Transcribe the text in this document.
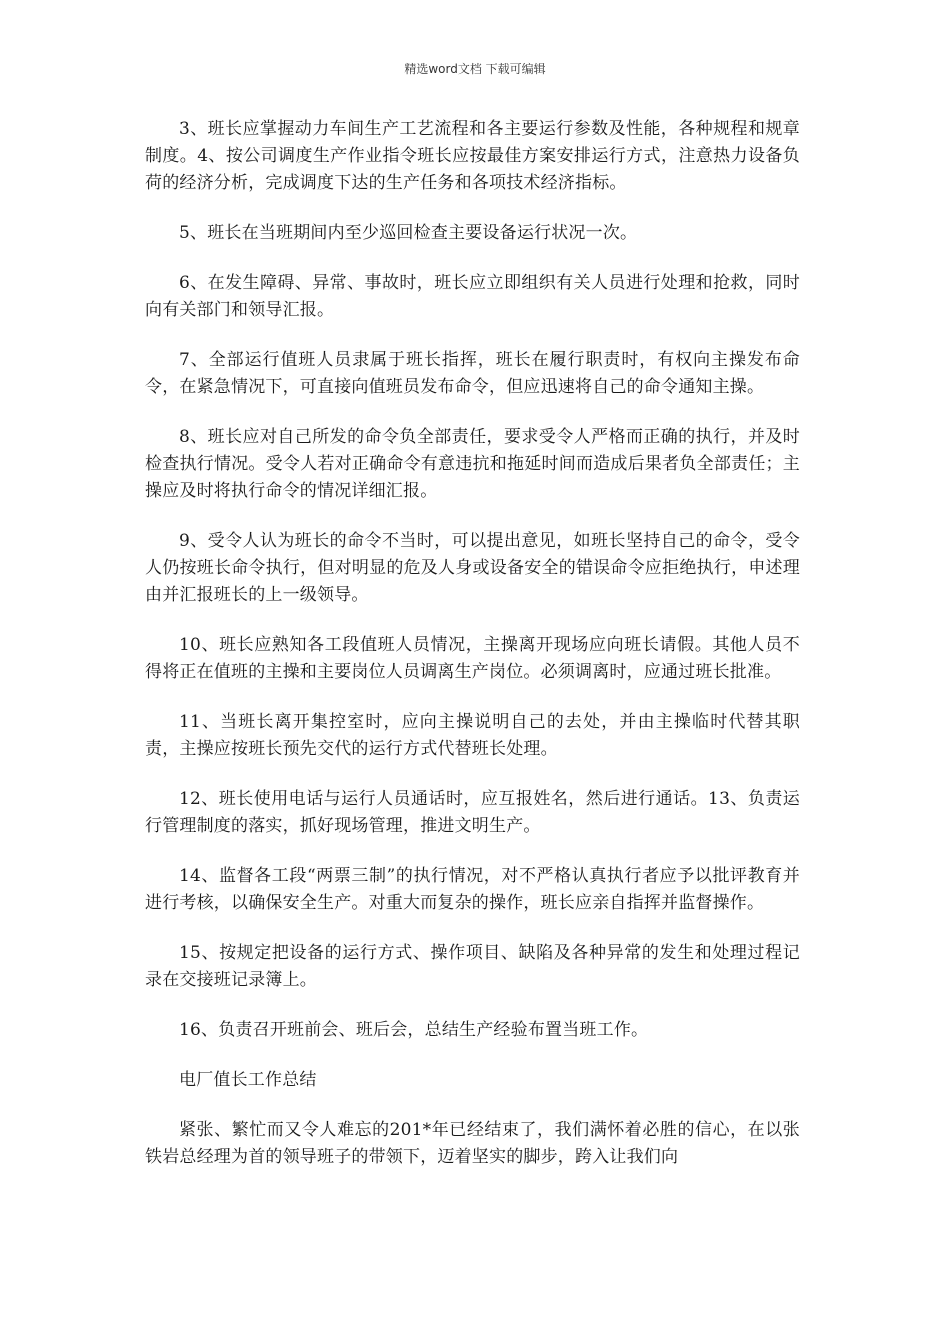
精选word文档 下载可编辑

3、班长应掌握动力车间生产工艺流程和各主要运行参数及性能，各种规程和规章制度。4、按公司调度生产作业指令班长应按最佳方案安排运行方式，注意热力设备负荷的经济分析，完成调度下达的生产任务和各项技术经济指标。

5、班长在当班期间内至少巡回检查主要设备运行状况一次。

6、在发生障碍、异常、事故时，班长应立即组织有关人员进行处理和抢救，同时向有关部门和领导汇报。

7、全部运行值班人员隶属于班长指挥，班长在履行职责时，有权向主操发布命令，在紧急情况下，可直接向值班员发布命令，但应迅速将自己的命令通知主操。

8、班长应对自己所发的命令负全部责任，要求受令人严格而正确的执行，并及时检查执行情况。受令人若对正确命令有意违抗和拖延时间而造成后果者负全部责任；主操应及时将执行命令的情况详细汇报。

9、受令人认为班长的命令不当时，可以提出意见，如班长坚持自己的命令，受令人仍按班长命令执行，但对明显的危及人身或设备安全的错误命令应拒绝执行，申述理由并汇报班长的上一级领导。

10、班长应熟知各工段值班人员情况，主操离开现场应向班长请假。其他人员不得将正在值班的主操和主要岗位人员调离生产岗位。必须调离时，应通过班长批准。

11、当班长离开集控室时，应向主操说明自己的去处，并由主操临时代替其职责，主操应按班长预先交代的运行方式代替班长处理。

12、班长使用电话与运行人员通话时，应互报姓名，然后进行通话。13、负责运行管理制度的落实，抓好现场管理，推进文明生产。

14、监督各工段“两票三制”的执行情况，对不严格认真执行者应予以批评教育并进行考核，以确保安全生产。对重大而复杂的操作，班长应亲自指挥并监督操作。

15、按规定把设备的运行方式、操作项目、缺陷及各种异常的发生和处理过程记录在交接班记录簿上。

16、负责召开班前会、班后会，总结生产经验布置当班工作。

电厂值长工作总结

紧张、繁忙而又令人难忘的201*年已经结束了，我们满怀着必胜的信心，在以张铁岩总经理为首的领导班子的带领下，迈着坚实的脚步，跨入让我们向
